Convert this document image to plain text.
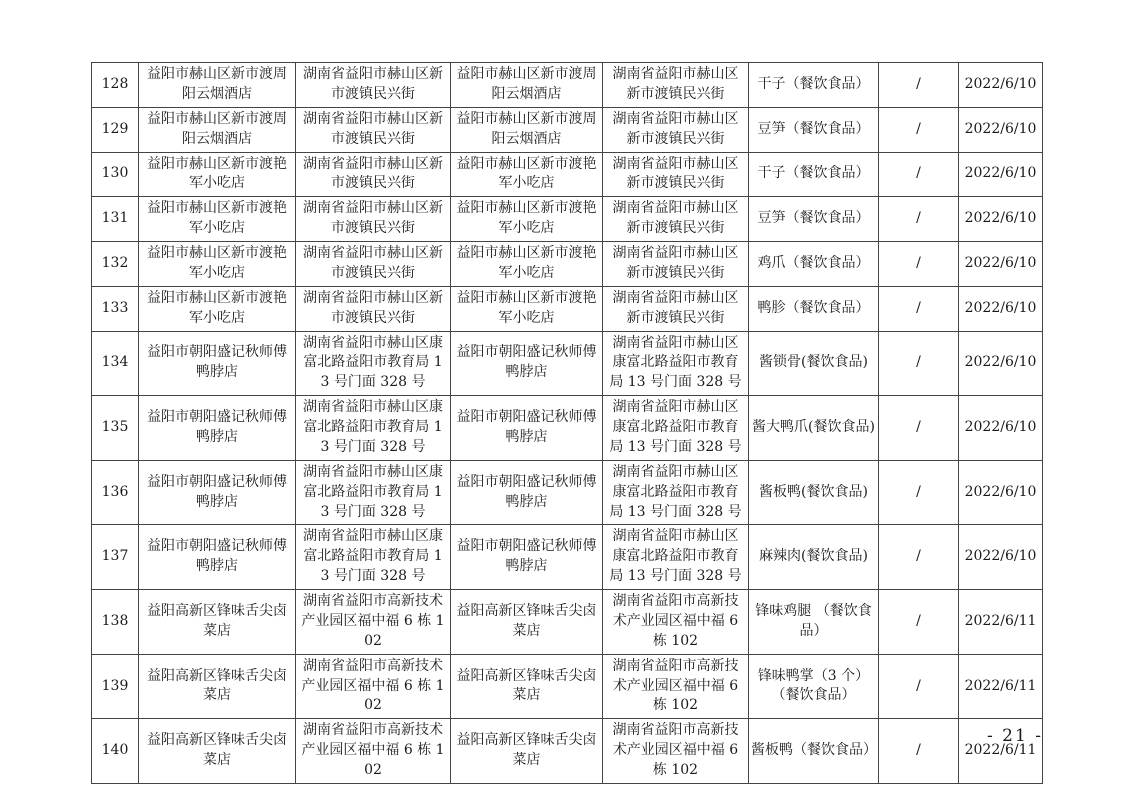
128	益阳市赫山区新市渡周阳云烟酒店	湖南省益阳市赫山区新市渡镇民兴街	益阳市赫山区新市渡周阳云烟酒店	湖南省益阳市赫山区新市渡镇民兴街	干子（餐饮食品）	/	2022/6/10
129	益阳市赫山区新市渡周阳云烟酒店	湖南省益阳市赫山区新市渡镇民兴街	益阳市赫山区新市渡周阳云烟酒店	湖南省益阳市赫山区新市渡镇民兴街	豆笋（餐饮食品）	/	2022/6/10
130	益阳市赫山区新市渡艳军小吃店	湖南省益阳市赫山区新市渡镇民兴街	益阳市赫山区新市渡艳军小吃店	湖南省益阳市赫山区新市渡镇民兴街	干子（餐饮食品）	/	2022/6/10
131	益阳市赫山区新市渡艳军小吃店	湖南省益阳市赫山区新市渡镇民兴街	益阳市赫山区新市渡艳军小吃店	湖南省益阳市赫山区新市渡镇民兴街	豆笋（餐饮食品）	/	2022/6/10
132	益阳市赫山区新市渡艳军小吃店	湖南省益阳市赫山区新市渡镇民兴街	益阳市赫山区新市渡艳军小吃店	湖南省益阳市赫山区新市渡镇民兴街	鸡爪（餐饮食品）	/	2022/6/10
133	益阳市赫山区新市渡艳军小吃店	湖南省益阳市赫山区新市渡镇民兴街	益阳市赫山区新市渡艳军小吃店	湖南省益阳市赫山区新市渡镇民兴街	鸭胗（餐饮食品）	/	2022/6/10
134	益阳市朝阳盛记秋师傅鸭脖店	湖南省益阳市赫山区康富北路益阳市教育局 13 号门面 328 号	益阳市朝阳盛记秋师傅鸭脖店	湖南省益阳市赫山区康富北路益阳市教育局 13 号门面 328 号	酱锁骨(餐饮食品)	/	2022/6/10
135	益阳市朝阳盛记秋师傅鸭脖店	湖南省益阳市赫山区康富北路益阳市教育局 13 号门面 328 号	益阳市朝阳盛记秋师傅鸭脖店	湖南省益阳市赫山区康富北路益阳市教育局 13 号门面 328 号	酱大鸭爪(餐饮食品)	/	2022/6/10
136	益阳市朝阳盛记秋师傅鸭脖店	湖南省益阳市赫山区康富北路益阳市教育局 13 号门面 328 号	益阳市朝阳盛记秋师傅鸭脖店	湖南省益阳市赫山区康富北路益阳市教育局 13 号门面 328 号	酱板鸭(餐饮食品)	/	2022/6/10
137	益阳市朝阳盛记秋师傅鸭脖店	湖南省益阳市赫山区康富北路益阳市教育局 13 号门面 328 号	益阳市朝阳盛记秋师傅鸭脖店	湖南省益阳市赫山区康富北路益阳市教育局 13 号门面 328 号	麻辣肉(餐饮食品)	/	2022/6/10
138	益阳高新区锋味舌尖卤菜店	湖南省益阳市高新技术产业园区福中福 6 栋 102	益阳高新区锋味舌尖卤菜店	湖南省益阳市高新技术产业园区福中福 6 栋 102	锋味鸡腿 （餐饮食品）	/	2022/6/11
139	益阳高新区锋味舌尖卤菜店	湖南省益阳市高新技术产业园区福中福 6 栋 102	益阳高新区锋味舌尖卤菜店	湖南省益阳市高新技术产业园区福中福 6 栋 102	锋味鸭掌（3 个）（餐饮食品）	/	2022/6/11
140	益阳高新区锋味舌尖卤菜店	湖南省益阳市高新技术产业园区福中福 6 栋 102	益阳高新区锋味舌尖卤菜店	湖南省益阳市高新技术产业园区福中福 6 栋 102	酱板鸭（餐饮食品）	/	2022/6/11
- 21 -
